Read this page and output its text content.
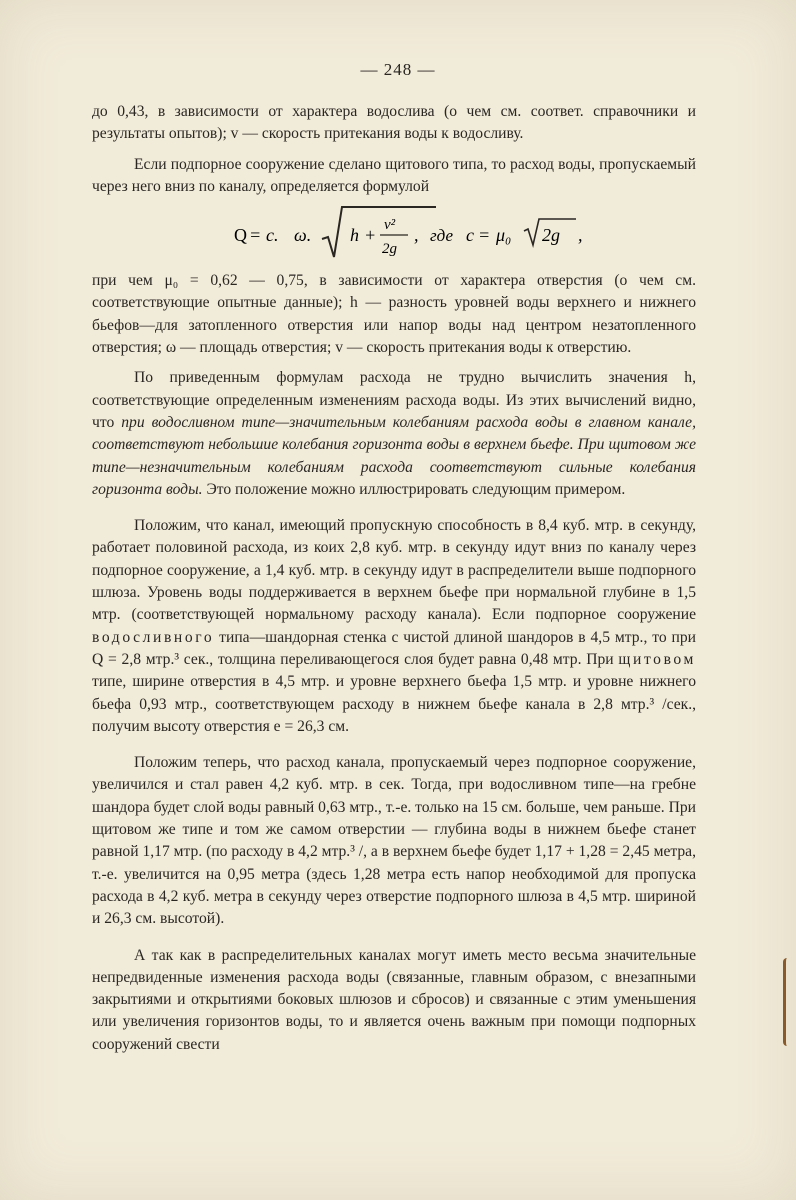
— 248 —

до 0,43, в зависимости от характера водослива (о чем см. соответ. справочники и результаты опытов); v — скорость притекания воды к водосливу.

Если подпорное сооружение сделано щитового типа, то расход воды, пропускаемый через него вниз по каналу, определяется формулой

Q = c. ω. h + v²
2g
, где c = μ₀ 2g ,

при чем μ₀ = 0,62 — 0,75, в зависимости от характера отверстия (о чем см. соответствующие опытные данные); h — разность уровней воды верхнего и нижнего бьефов—для затопленного отверстия или напор воды над центром незатопленного отверстия; ω — площадь отверстия; v — скорость притекания воды к отверстию.

По приведенным формулам расхода не трудно вычислить значения h, соответствующие определенным изменениям расхода воды. Из этих вычислений видно, что при водосливном типе—значительным колебаниям расхода воды в главном канале, соответствуют небольшие колебания горизонта воды в верхнем бьефе. При щитовом же типе—незначительным колебаниям расхода соответствуют сильные колебания горизонта воды. Это положение можно иллюстрировать следующим примером.

Положим, что канал, имеющий пропускную способность в 8,4 куб. мтр. в секунду, работает половиной расхода, из коих 2,8 куб. мтр. в секунду идут вниз по каналу через подпорное сооружение, а 1,4 куб. мтр. в секунду идут в распределители выше подпорного шлюза. Уровень воды поддерживается в верхнем бьефе при нормальной глубине в 1,5 мтр. (соответствующей нормальному расходу канала). Если подпорное сооружение водосливного типа—шандорная стенка с чистой длиной шандоров в 4,5 мтр., то при Q = 2,8 мтр.³ сек., толщина переливающегося слоя будет равна 0,48 мтр. При щитовом типе, ширине отверстия в 4,5 мтр. и уровне верхнего бьефа 1,5 мтр. и уровне нижнего бьефа 0,93 мтр., соответствующем расходу в нижнем бьефе канала в 2,8 мтр.³ /сек., получим высоту отверстия e = 26,3 см.

Положим теперь, что расход канала, пропускаемый через подпорное сооружение, увеличился и стал равен 4,2 куб. мтр. в сек. Тогда, при водосливном типе—на гребне шандора будет слой воды равный 0,63 мтр., т.-е. только на 15 см. больше, чем раньше. При щитовом же типе и том же самом отверстии — глубина воды в нижнем бьефе станет равной 1,17 мтр. (по расходу в 4,2 мтр.³ /, а в верхнем бьефе будет 1,17 + 1,28 = 2,45 метра, т.-е. увеличится на 0,95 метра (здесь 1,28 метра есть напор необходимой для пропуска расхода в 4,2 куб. метра в секунду через отверстие подпорного шлюза в 4,5 мтр. шириной и 26,3 см. высотой).

А так как в распределительных каналах могут иметь место весьма значительные непредвиденные изменения расхода воды (связанные, главным образом, с внезапными закрытиями и открытиями боковых шлюзов и сбросов) и связанные с этим уменьшения или увеличения горизонтов воды, то и является очень важным при помощи подпорных сооружений свести
